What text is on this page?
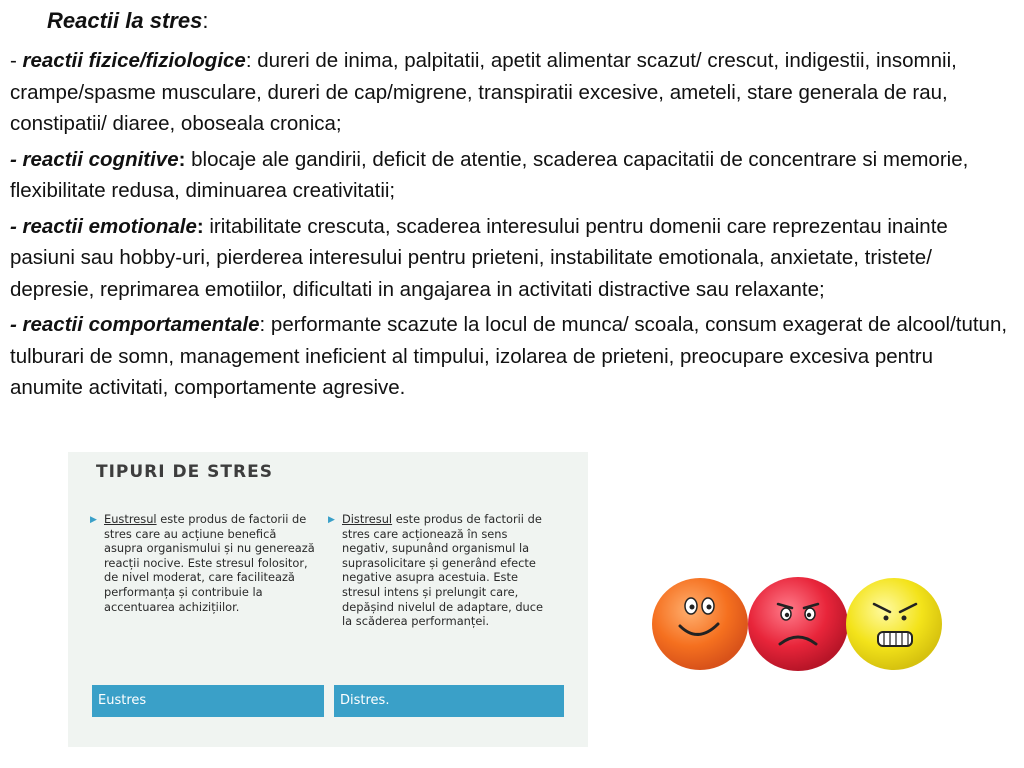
Reactii la stres:

- reactii fizice/fiziologice: dureri de inima, palpitatii, apetit alimentar scazut/ crescut, indigestii, insomnii, crampe/spasme musculare, dureri de cap/migrene, transpiratii excesive, ameteli, stare generala de rau, constipatii/ diaree, oboseala cronica;

- reactii cognitive: blocaje ale gandirii, deficit de atentie, scaderea capacitatii de concentrare si memorie, flexibilitate redusa, diminuarea creativitatii;

- reactii emotionale: iritabilitate crescuta, scaderea interesului pentru domenii care reprezentau inainte pasiuni sau hobby-uri, pierderea interesului pentru prieteni, instabilitate emotionala, anxietate, tristete/ depresie, reprimarea emotiilor, dificultati in angajarea in activitati distractive sau relaxante;

- reactii comportamentale: performante scazute la locul de munca/ scoala, consum exagerat de alcool/tutun, tulburari de somn, management ineficient al timpului, izolarea de prieteni, preocupare excesiva pentru anumite activitati, comportamente agresive.

TIPURI DE STRES
▶ Eustresul este produs de factorii de stres care au acțiune benefică asupra organismului și nu generează reacții nocive. Este stresul folositor, de nivel moderat, care facilitează performanța și contribuie la accentuarea achizițiilor.
▶ Distresul este produs de factorii de stres care acționează în sens negativ, supunând organismul la suprasolicitare și generând efecte negative asupra acestuia. Este stresul intens și prelungit care, depășind nivelul de adaptare, duce la scăderea performanței.
Eustres	Distres.
